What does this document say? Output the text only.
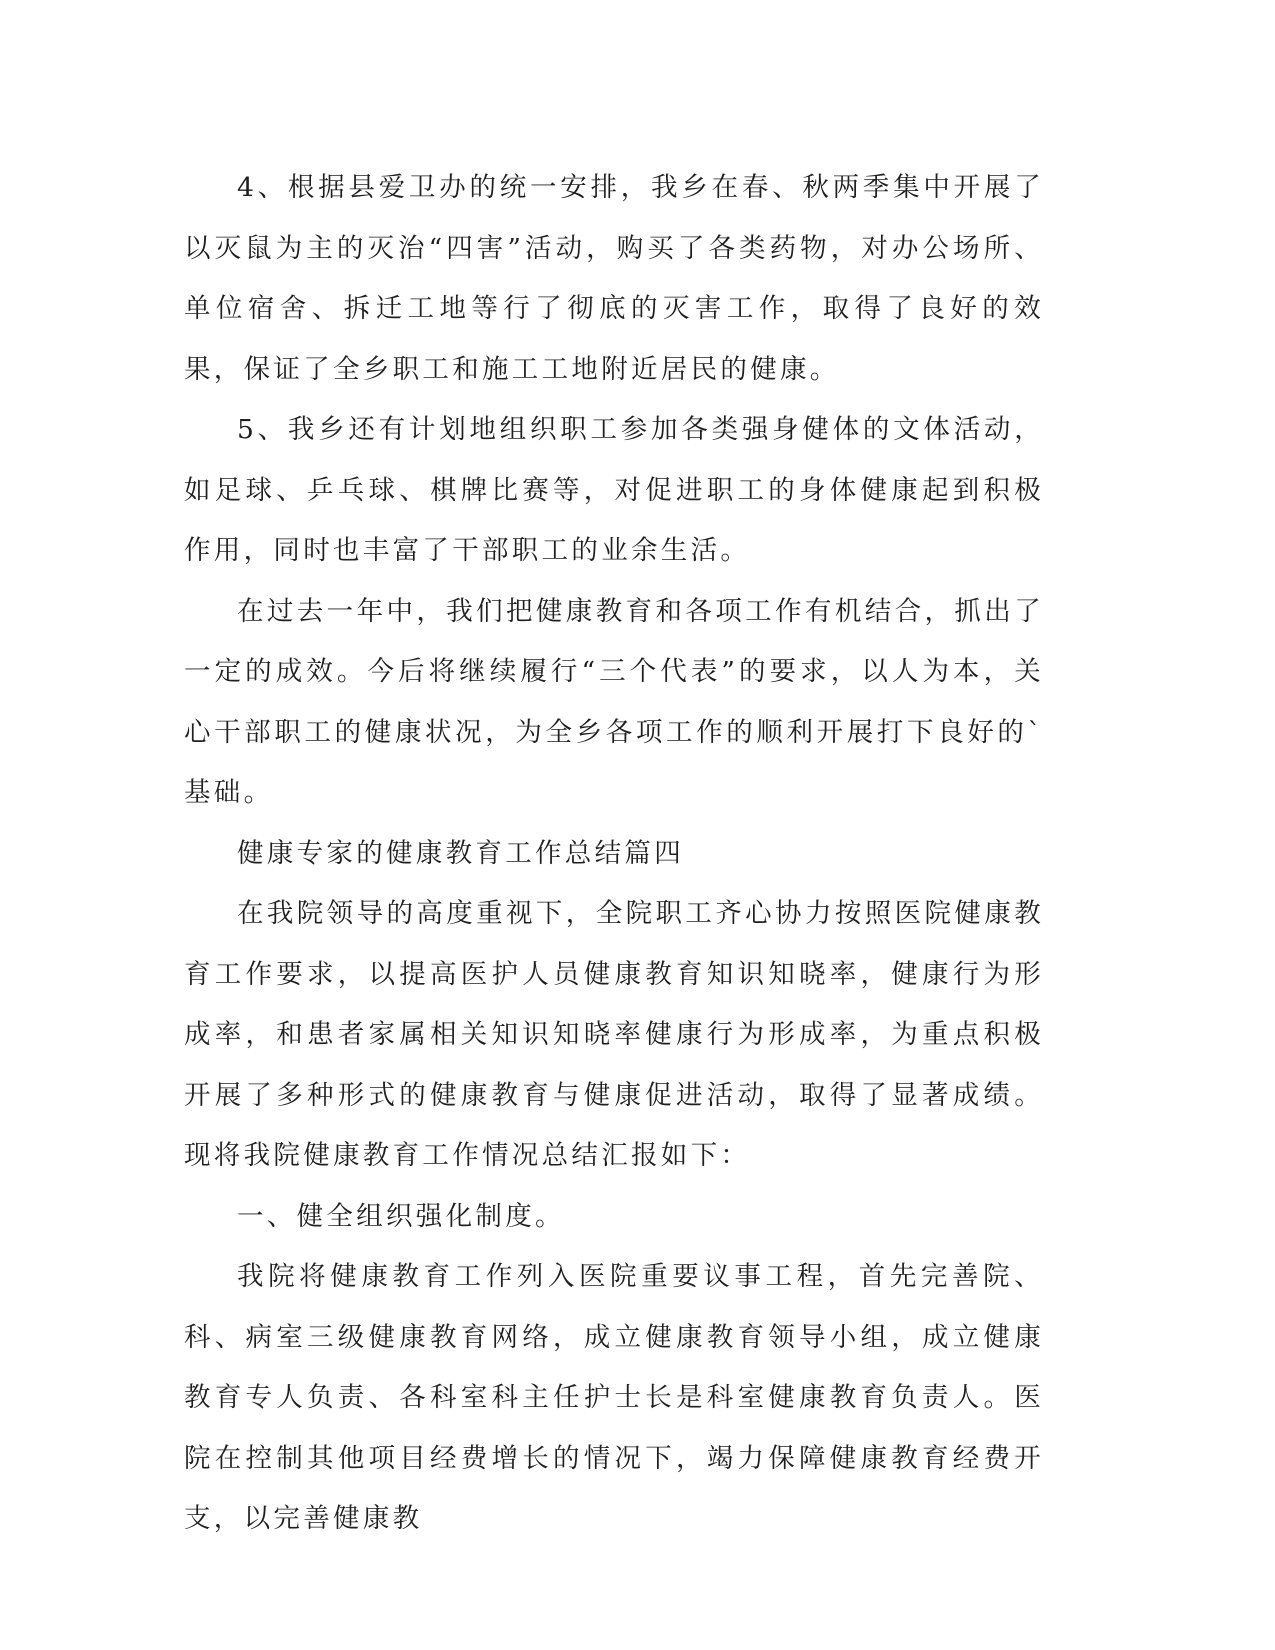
4、根据县爱卫办的统一安排，我乡在春、秋两季集中开展了以灭鼠为主的灭治“四害”活动，购买了各类药物，对办公场所、单位宿舍、拆迁工地等行了彻底的灭害工作，取得了良好的效果，保证了全乡职工和施工工地附近居民的健康。

5、我乡还有计划地组织职工参加各类强身健体的文体活动，如足球、乒乓球、棋牌比赛等，对促进职工的身体健康起到积极作用，同时也丰富了干部职工的业余生活。

在过去一年中，我们把健康教育和各项工作有机结合，抓出了一定的成效。今后将继续履行“三个代表”的要求，以人为本，关心干部职工的健康状况，为全乡各项工作的顺利开展打下良好的`基础。

健康专家的健康教育工作总结篇四

在我院领导的高度重视下，全院职工齐心协力按照医院健康教育工作要求，以提高医护人员健康教育知识知晓率，健康行为形成率，和患者家属相关知识知晓率健康行为形成率，为重点积极开展了多种形式的健康教育与健康促进活动，取得了显著成绩。现将我院健康教育工作情况总结汇报如下：

一、健全组织强化制度。

我院将健康教育工作列入医院重要议事工程，首先完善院、科、病室三级健康教育网络，成立健康教育领导小组，成立健康教育专人负责、各科室科主任护士长是科室健康教育负责人。医院在控制其他项目经费增长的情况下，竭力保障健康教育经费开支，以完善健康教
